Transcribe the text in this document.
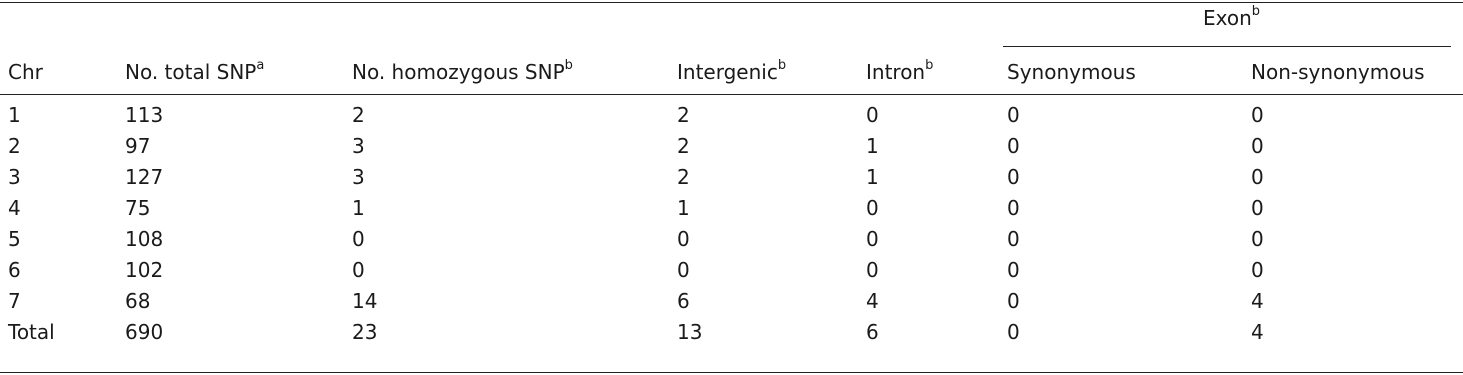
Exon$^b$
Chr	No. total SNP$^a$	No. homozygous SNP$^b$	Intergenic$^b$	Intron$^b$	Synonymous	Non-synonymous
1	113	2	2	0	0	0
2	97	3	2	1	0	0
3	127	3	2	1	0	0
4	75	1	1	0	0	0
5	108	0	0	0	0	0
6	102	0	0	0	0	0
7	68	14	6	4	0	4
Total	690	23	13	6	0	4
